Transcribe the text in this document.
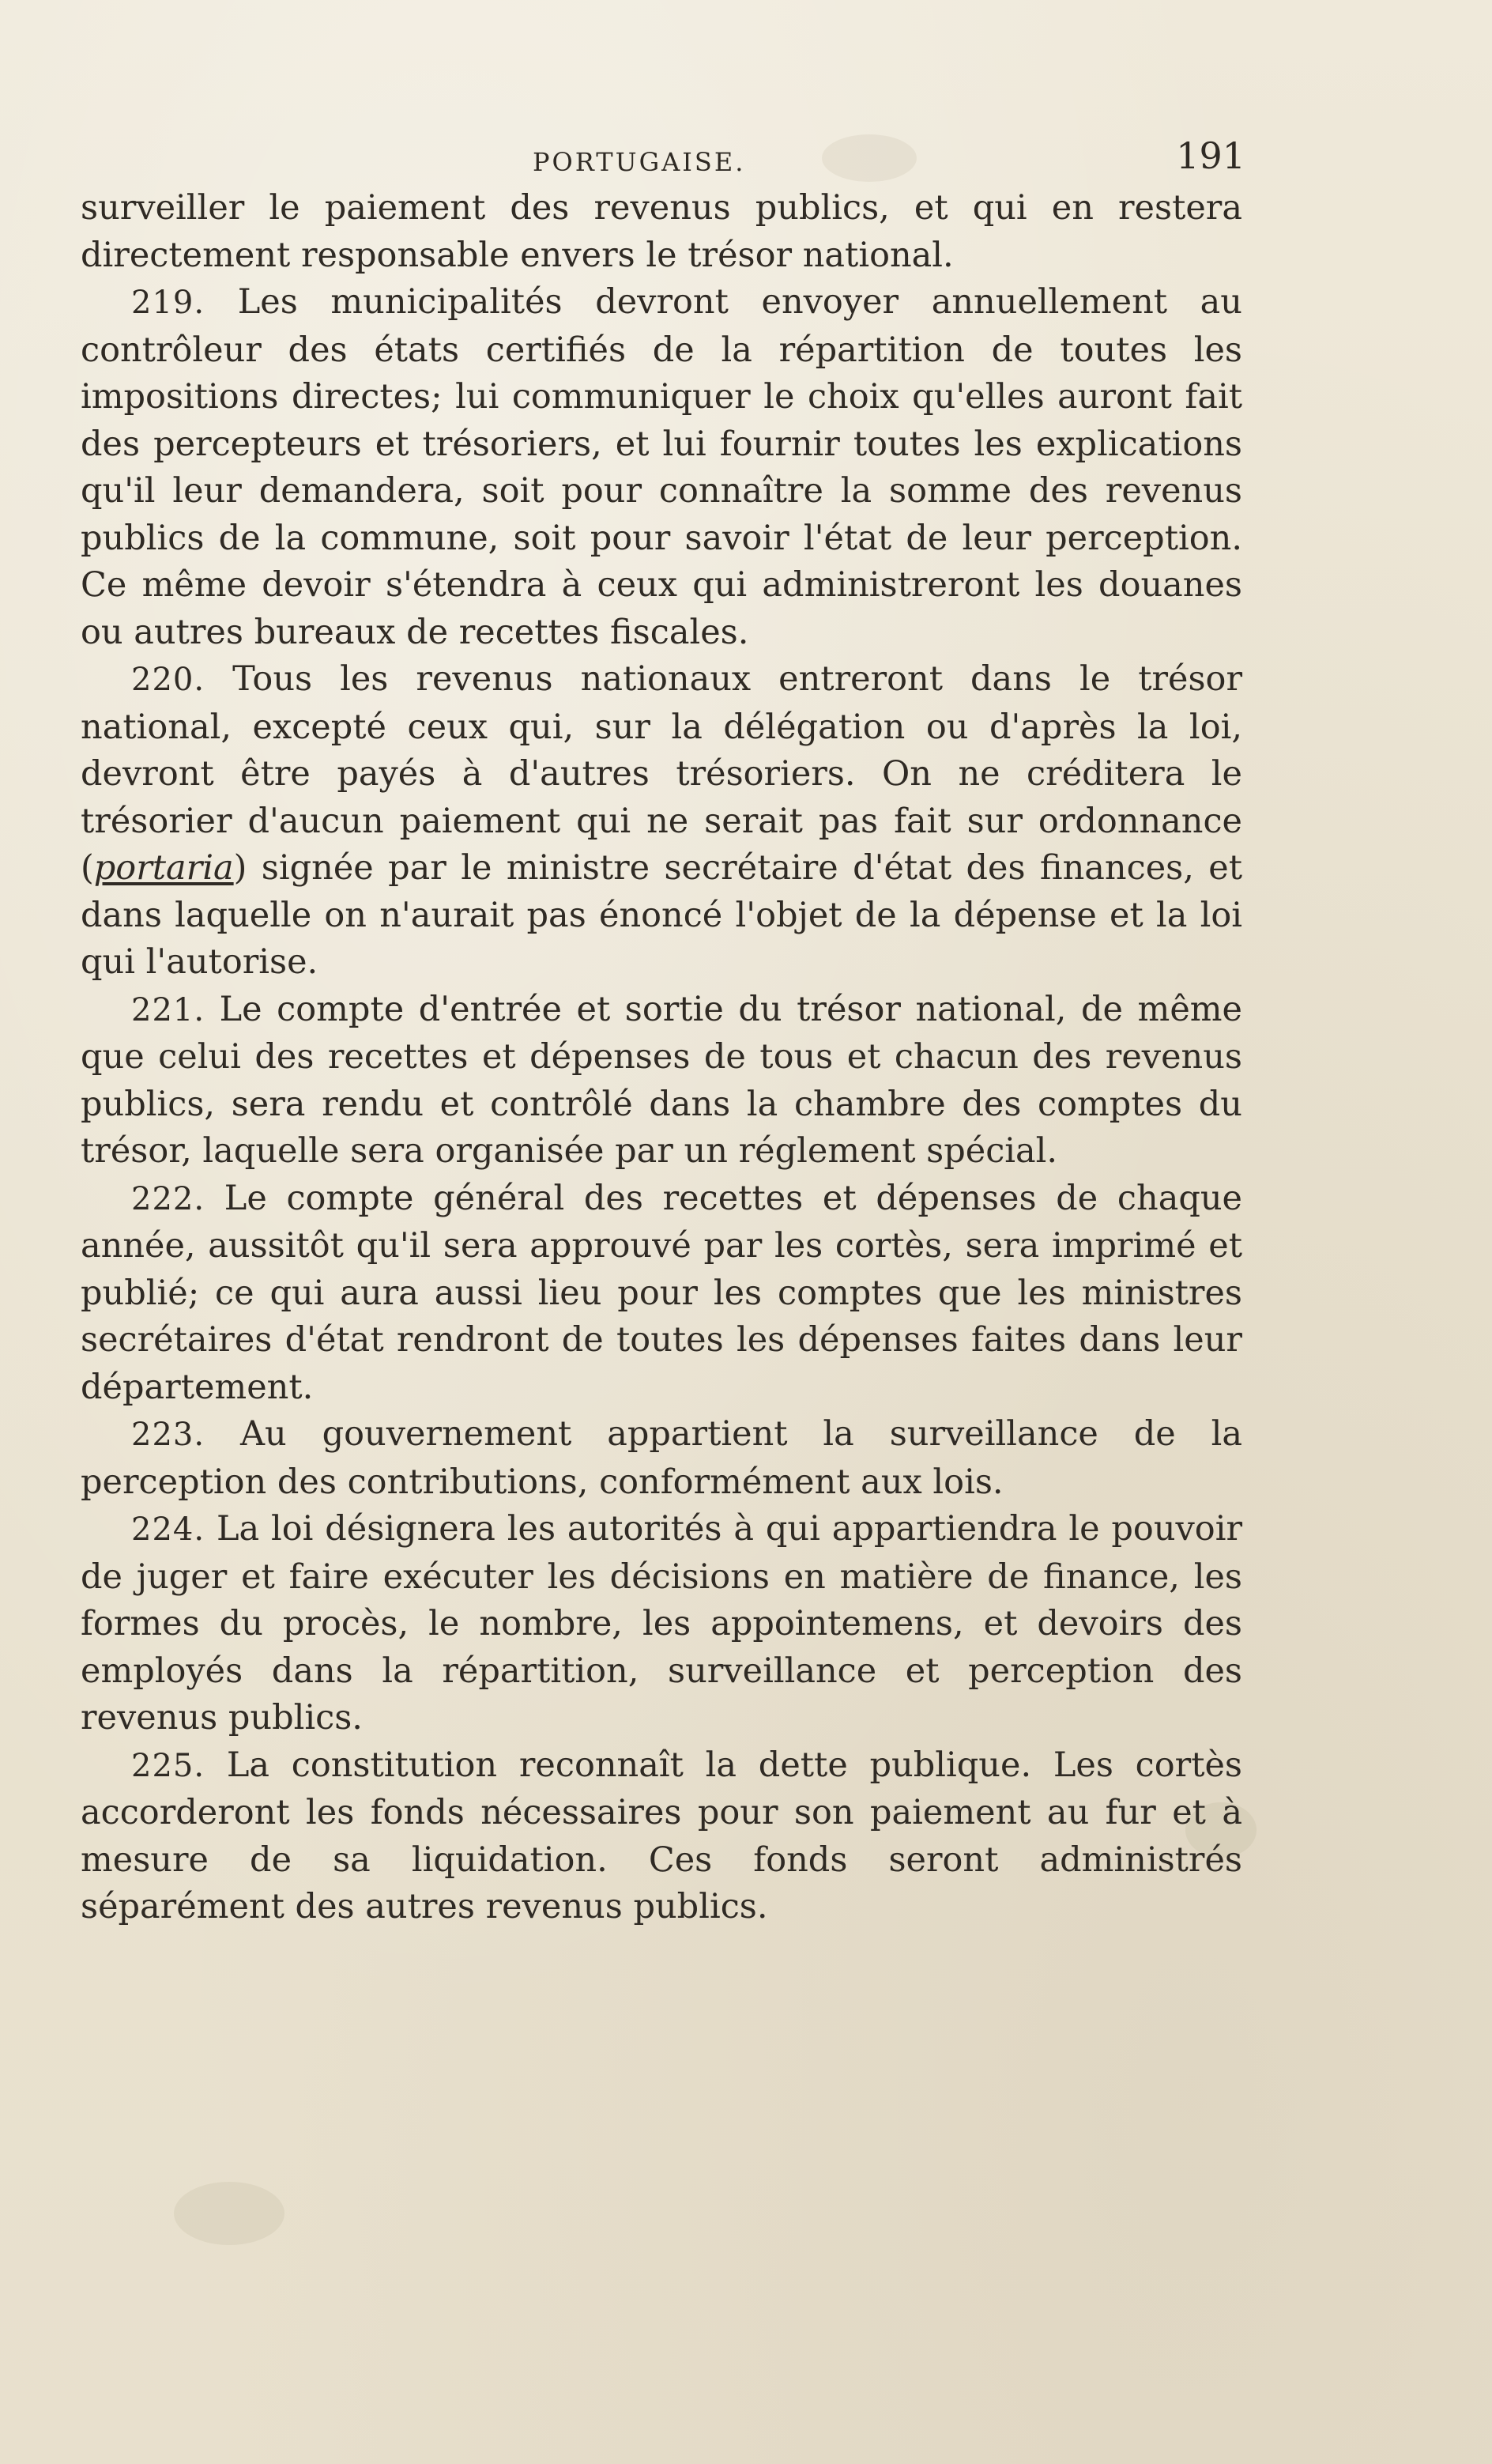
PORTUGAISE.	191

surveiller le paiement des revenus publics, et qui en restera directement responsable envers le trésor national.

219. Les municipalités devront envoyer annuellement au contrôleur des états certifiés de la répartition de toutes les impositions directes; lui communiquer le choix qu'elles auront fait des percepteurs et trésoriers, et lui fournir toutes les explications qu'il leur demandera, soit pour connaître la somme des revenus publics de la commune, soit pour savoir l'état de leur perception. Ce même devoir s'étendra à ceux qui administreront les douanes ou autres bureaux de recettes fiscales.

220. Tous les revenus nationaux entreront dans le trésor national, excepté ceux qui, sur la délégation ou d'après la loi, devront être payés à d'autres trésoriers. On ne créditera le trésorier d'aucun paiement qui ne serait pas fait sur ordonnance (portaria) signée par le ministre secrétaire d'état des finances, et dans laquelle on n'aurait pas énoncé l'objet de la dépense et la loi qui l'autorise.

221. Le compte d'entrée et sortie du trésor national, de même que celui des recettes et dépenses de tous et chacun des revenus publics, sera rendu et contrôlé dans la chambre des comptes du trésor, laquelle sera organisée par un réglement spécial.

222. Le compte général des recettes et dépenses de chaque année, aussitôt qu'il sera approuvé par les cortès, sera imprimé et publié; ce qui aura aussi lieu pour les comptes que les ministres secrétaires d'état rendront de toutes les dépenses faites dans leur département.

223. Au gouvernement appartient la surveillance de la perception des contributions, conformément aux lois.

224. La loi désignera les autorités à qui appartiendra le pouvoir de juger et faire exécuter les décisions en matière de finance, les formes du procès, le nombre, les appointemens, et devoirs des employés dans la répartition, surveillance et perception des revenus publics.

225. La constitution reconnaît la dette publique. Les cortès accorderont les fonds nécessaires pour son paiement au fur et à mesure de sa liquidation. Ces fonds seront administrés séparément des autres revenus publics.
